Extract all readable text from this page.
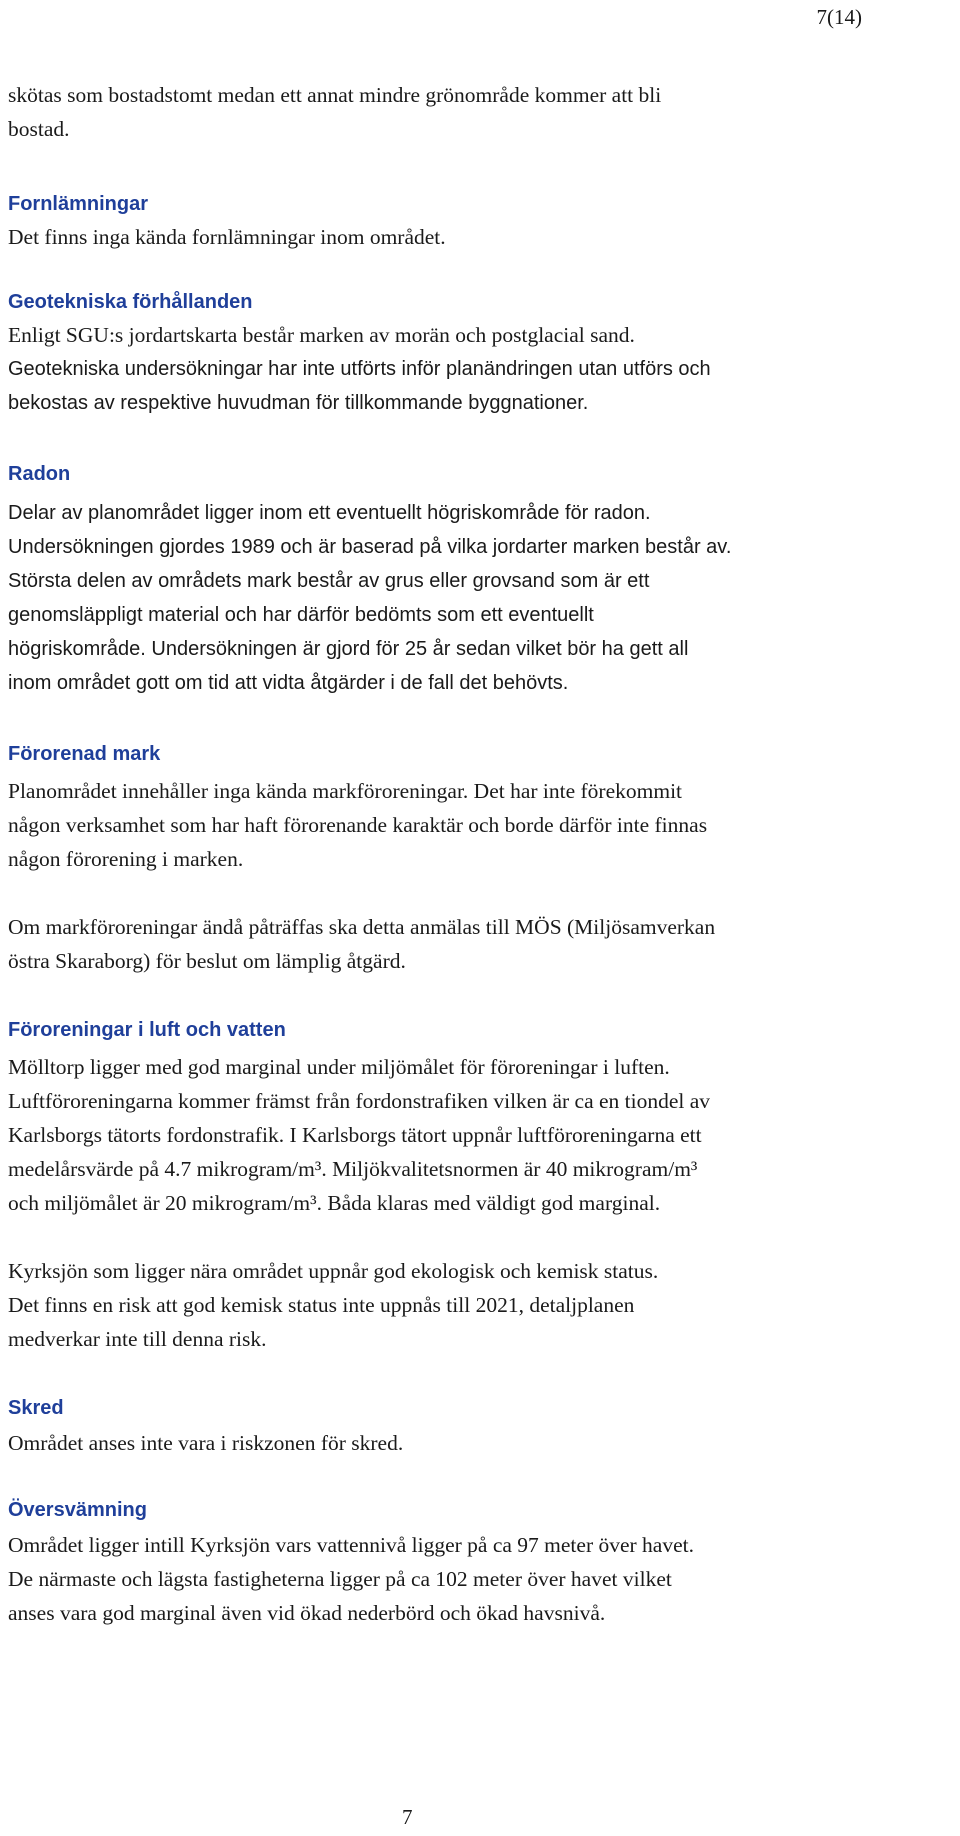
7(14)

skötas som bostadstomt medan ett annat mindre grönområde kommer att bli
bostad.

Fornlämningar

Det finns inga kända fornlämningar inom området.

Geotekniska förhållanden

Enligt SGU:s jordartskarta består marken av morän och postglacial sand.

Geotekniska undersökningar har inte utförts inför planändringen utan utförs och
bekostas av respektive huvudman för tillkommande byggnationer.

Radon

Delar av planområdet ligger inom ett eventuellt högriskområde för radon.
Undersökningen gjordes 1989 och är baserad på vilka jordarter marken består av.
Största delen av områdets mark består av grus eller grovsand som är ett
genomsläppligt material och har därför bedömts som ett eventuellt
högriskområde. Undersökningen är gjord för 25 år sedan vilket bör ha gett all
inom området gott om tid att vidta åtgärder i de fall det behövts.

Förorenad mark

Planområdet innehåller inga kända markföroreningar. Det har inte förekommit
någon verksamhet som har haft förorenande karaktär och borde därför inte finnas
någon förorening i marken.

Om markföroreningar ändå påträffas ska detta anmälas till MÖS (Miljösamverkan
östra Skaraborg) för beslut om lämplig åtgärd.

Föroreningar i luft och vatten

Mölltorp ligger med god marginal under miljömålet för föroreningar i luften.
Luftföroreningarna kommer främst från fordonstrafiken vilken är ca en tiondel av
Karlsborgs tätorts fordonstrafik. I Karlsborgs tätort uppnår luftföroreningarna ett
medelårsvärde på 4.7 mikrogram/m³. Miljökvalitetsnormen är 40 mikrogram/m³
och miljömålet är 20 mikrogram/m³. Båda klaras med väldigt god marginal.

Kyrksjön som ligger nära området uppnår god ekologisk och kemisk status.
Det finns en risk att god kemisk status inte uppnås till 2021, detaljplanen
medverkar inte till denna risk.

Skred

Området anses inte vara i riskzonen för skred.

Översvämning

Området ligger intill Kyrksjön vars vattennivå ligger på ca 97 meter över havet.
De närmaste och lägsta fastigheterna ligger på ca 102 meter över havet vilket
anses vara god marginal även vid ökad nederbörd och ökad havsnivå.

7
